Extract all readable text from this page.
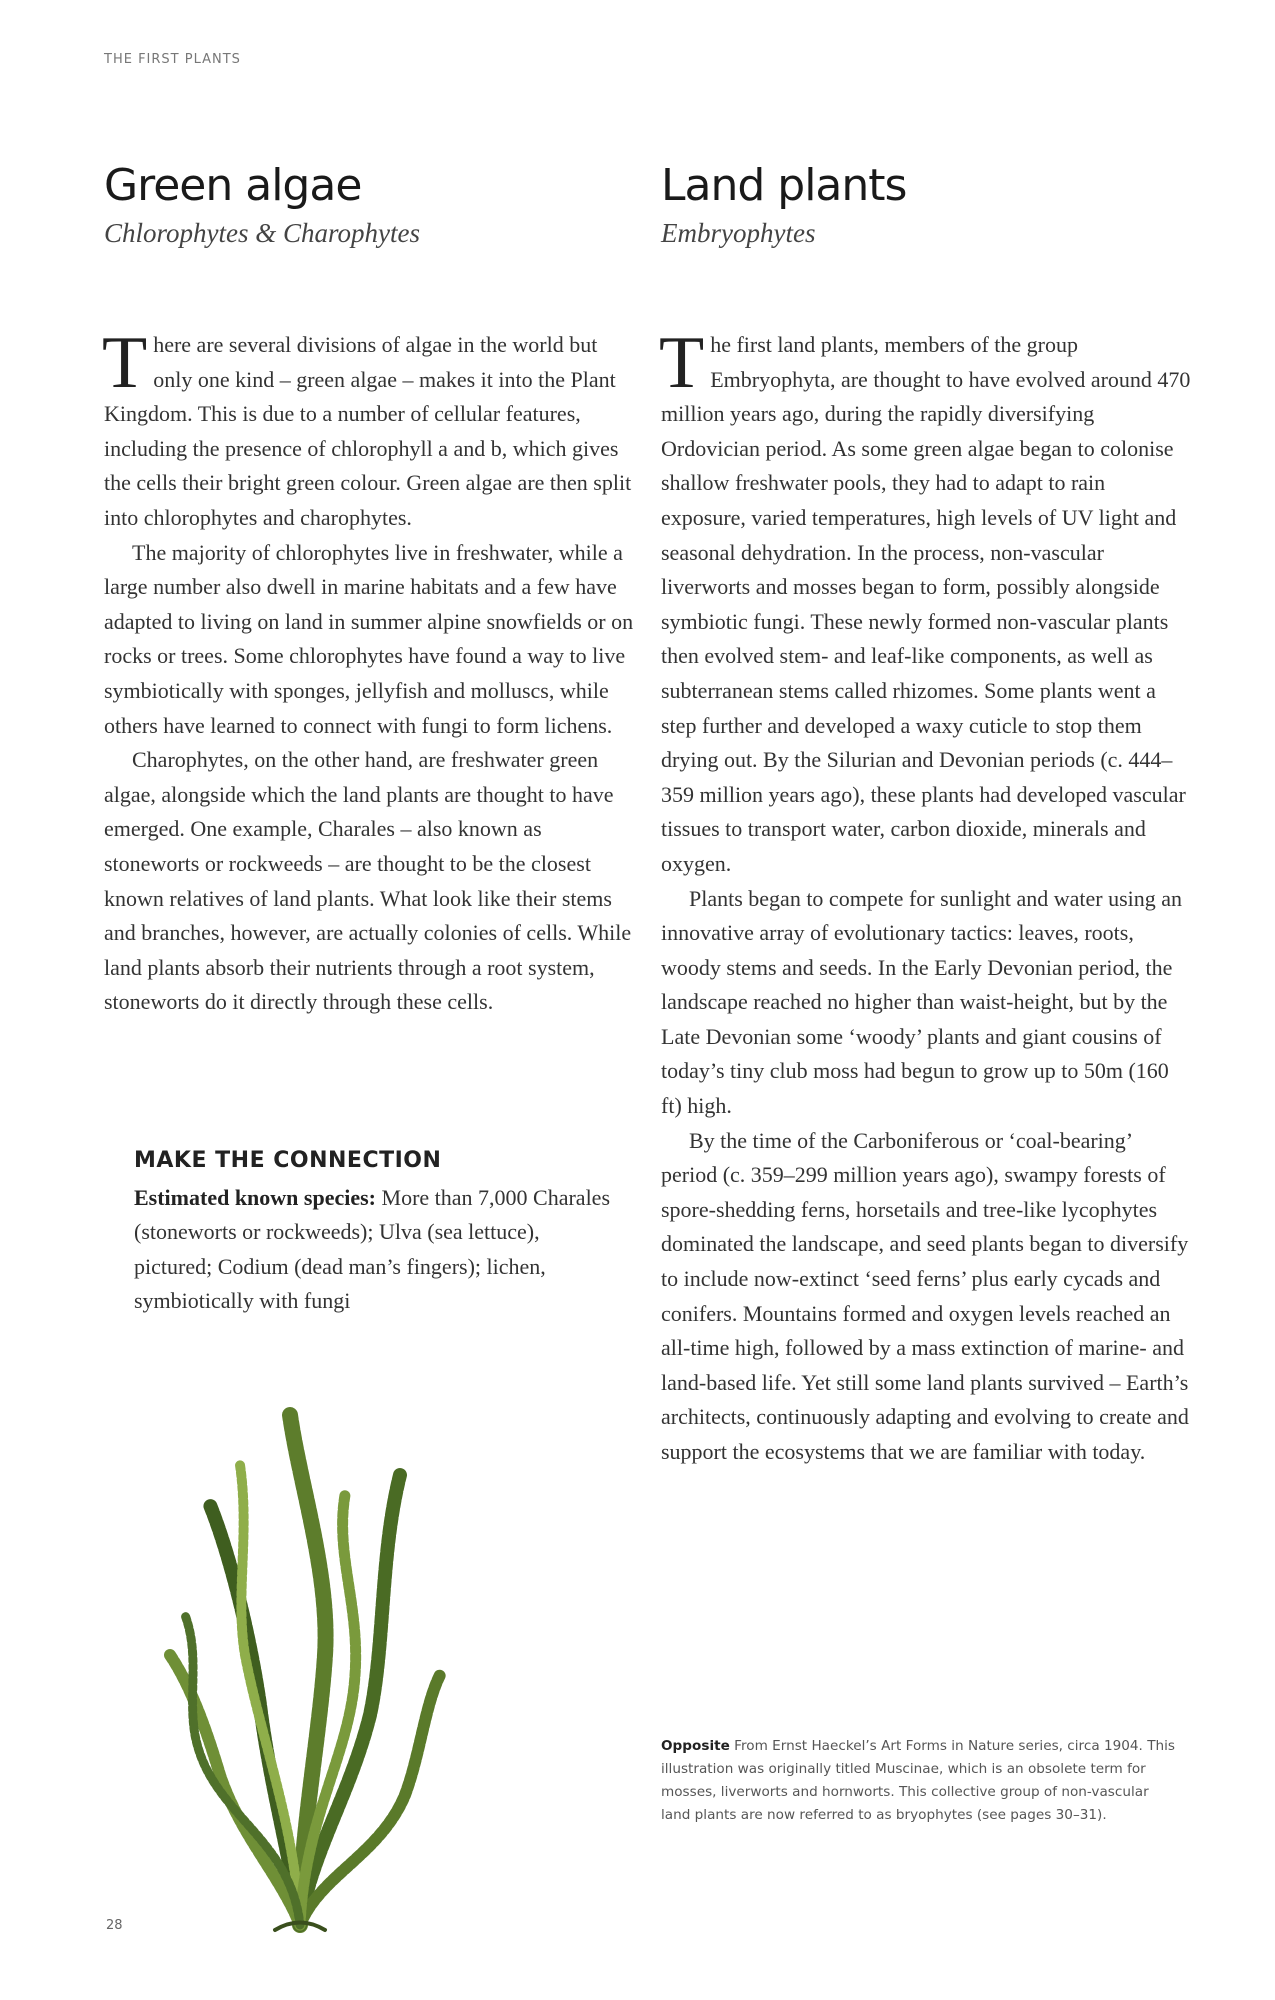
THE FIRST PLANTS
Green algae
Chlorophytes & Charophytes

There are several divisions of algae in the world but only one kind – green algae – makes it into the Plant Kingdom. This is due to a number of cellular features, including the presence of chlorophyll a and b, which gives the cells their bright green colour. Green algae are then split into chlorophytes and charophytes.

The majority of chlorophytes live in freshwater, while a large number also dwell in marine habitats and a few have adapted to living on land in summer alpine snowfields or on rocks or trees. Some chlorophytes have found a way to live symbiotically with sponges, jellyfish and molluscs, while others have learned to connect with fungi to form lichens.

Charophytes, on the other hand, are freshwater green algae, alongside which the land plants are thought to have emerged. One example, Charales – also known as stoneworts or rockweeds – are thought to be the closest known relatives of land plants. What look like their stems and branches, however, are actually colonies of cells. While land plants absorb their nutrients through a root system, stoneworts do it directly through these cells.

MAKE THE CONNECTION
Estimated known species: More than 7,000 Charales (stoneworts or rockweeds); Ulva (sea lettuce), pictured; Codium (dead man’s fingers); lichen, symbiotically with fungi
Land plants
Embryophytes

The first land plants, members of the group Embryophyta, are thought to have evolved around 470 million years ago, during the rapidly diversifying Ordovician period. As some green algae began to colonise shallow freshwater pools, they had to adapt to rain exposure, varied temperatures, high levels of UV light and seasonal dehydration. In the process, non-vascular liverworts and mosses began to form, possibly alongside symbiotic fungi. These newly formed non-vascular plants then evolved stem- and leaf-like components, as well as subterranean stems called rhizomes. Some plants went a step further and developed a waxy cuticle to stop them drying out. By the Silurian and Devonian periods (c. 444–359 million years ago), these plants had developed vascular tissues to transport water, carbon dioxide, minerals and oxygen.

Plants began to compete for sunlight and water using an innovative array of evolutionary tactics: leaves, roots, woody stems and seeds. In the Early Devonian period, the landscape reached no higher than waist-height, but by the Late Devonian some ‘woody’ plants and giant cousins of today’s tiny club moss had begun to grow up to 50m (160 ft) high.

By the time of the Carboniferous or ‘coal-bearing’ period (c. 359–299 million years ago), swampy forests of spore-shedding ferns, horsetails and tree-like lycophytes dominated the landscape, and seed plants began to diversify to include now-extinct ‘seed ferns’ plus early cycads and conifers. Mountains formed and oxygen levels reached an all-time high, followed by a mass extinction of marine- and land-based life. Yet still some land plants survived – Earth’s architects, continuously adapting and evolving to create and support the ecosystems that we are familiar with today.

Opposite From Ernst Haeckel’s Art Forms in Nature series, circa 1904. This illustration was originally titled Muscinae, which is an obsolete term for mosses, liverworts and hornworts. This collective group of non-vascular land plants are now referred to as bryophytes (see pages 30–31).
28
